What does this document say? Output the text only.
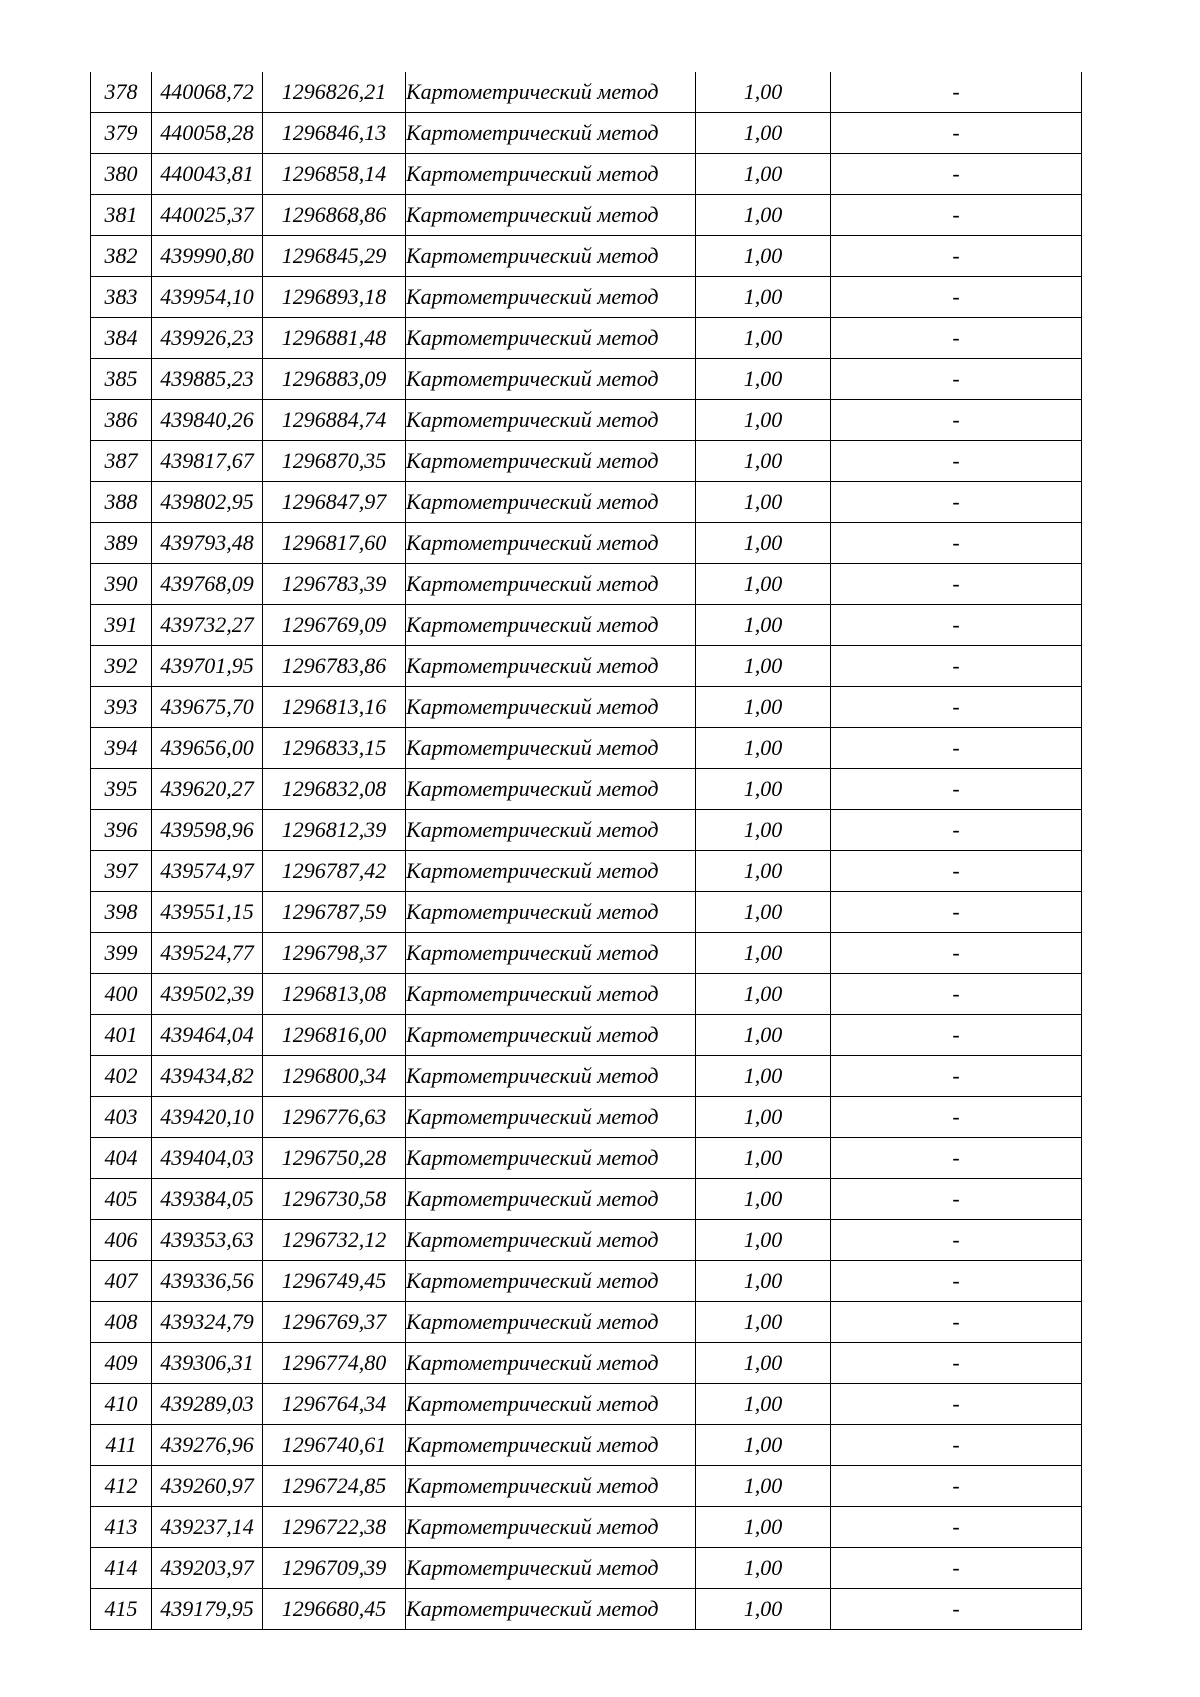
378	440068,72	1296826,21	Картометрический метод	1,00	-
379	440058,28	1296846,13	Картометрический метод	1,00	-
380	440043,81	1296858,14	Картометрический метод	1,00	-
381	440025,37	1296868,86	Картометрический метод	1,00	-
382	439990,80	1296845,29	Картометрический метод	1,00	-
383	439954,10	1296893,18	Картометрический метод	1,00	-
384	439926,23	1296881,48	Картометрический метод	1,00	-
385	439885,23	1296883,09	Картометрический метод	1,00	-
386	439840,26	1296884,74	Картометрический метод	1,00	-
387	439817,67	1296870,35	Картометрический метод	1,00	-
388	439802,95	1296847,97	Картометрический метод	1,00	-
389	439793,48	1296817,60	Картометрический метод	1,00	-
390	439768,09	1296783,39	Картометрический метод	1,00	-
391	439732,27	1296769,09	Картометрический метод	1,00	-
392	439701,95	1296783,86	Картометрический метод	1,00	-
393	439675,70	1296813,16	Картометрический метод	1,00	-
394	439656,00	1296833,15	Картометрический метод	1,00	-
395	439620,27	1296832,08	Картометрический метод	1,00	-
396	439598,96	1296812,39	Картометрический метод	1,00	-
397	439574,97	1296787,42	Картометрический метод	1,00	-
398	439551,15	1296787,59	Картометрический метод	1,00	-
399	439524,77	1296798,37	Картометрический метод	1,00	-
400	439502,39	1296813,08	Картометрический метод	1,00	-
401	439464,04	1296816,00	Картометрический метод	1,00	-
402	439434,82	1296800,34	Картометрический метод	1,00	-
403	439420,10	1296776,63	Картометрический метод	1,00	-
404	439404,03	1296750,28	Картометрический метод	1,00	-
405	439384,05	1296730,58	Картометрический метод	1,00	-
406	439353,63	1296732,12	Картометрический метод	1,00	-
407	439336,56	1296749,45	Картометрический метод	1,00	-
408	439324,79	1296769,37	Картометрический метод	1,00	-
409	439306,31	1296774,80	Картометрический метод	1,00	-
410	439289,03	1296764,34	Картометрический метод	1,00	-
411	439276,96	1296740,61	Картометрический метод	1,00	-
412	439260,97	1296724,85	Картометрический метод	1,00	-
413	439237,14	1296722,38	Картометрический метод	1,00	-
414	439203,97	1296709,39	Картометрический метод	1,00	-
415	439179,95	1296680,45	Картометрический метод	1,00	-
